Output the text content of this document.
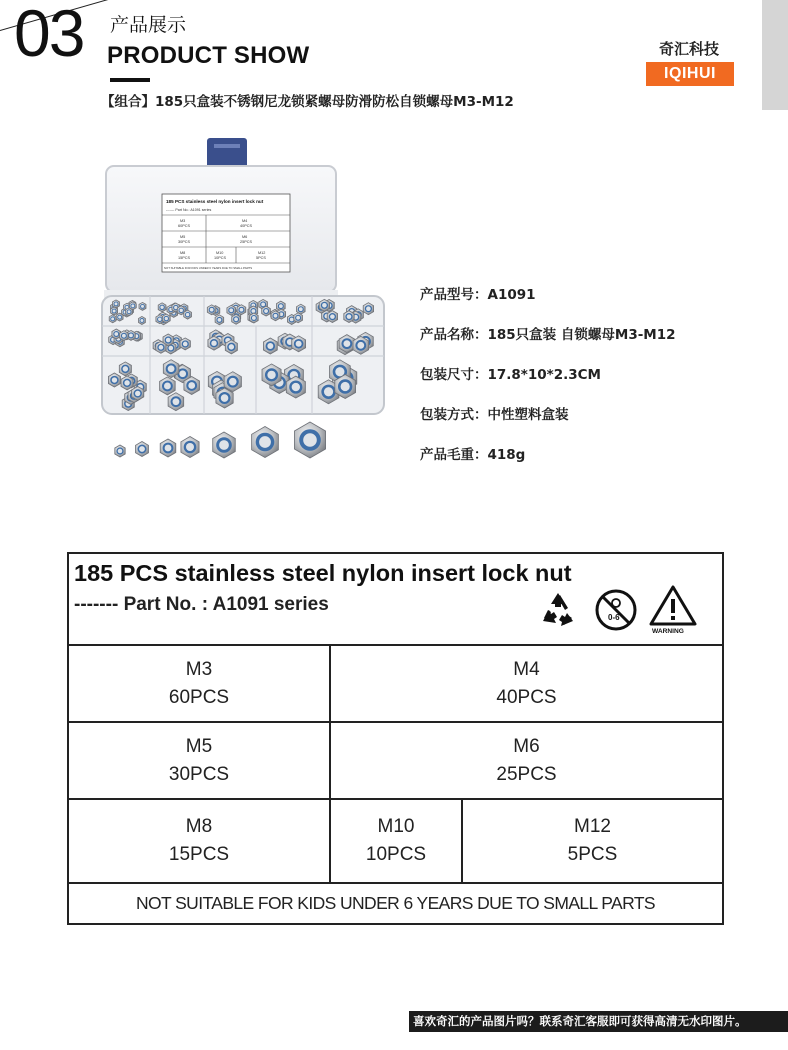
03 产品展示
PRODUCT SHOW	奇汇科技
IQIHUI
【组合】185只盒装不锈钢尼龙锁紧螺母防滑防松自锁螺母M3-M12
185 PCS stainless steel nylon insert lock nut
------- Part No.: A1091 series
M3
60PCS
M4
40PCS
M5
30PCS
M6
25PCS
M8
15PCS
M10
10PCS
M12
5PCS
NOT SUITABLE FOR KIDS UNDER 6 YEARS DUE TO SMALL PARTS
产品型号：A1091
产品名称：185只盒装 自锁螺母M3-M12
包装尺寸：17.8*10*2.3CM
包装方式：中性塑料盒装
产品毛重：418g
185 PCS stainless steel nylon insert lock nut
------- Part No. : A1091 series
0-6
WARNING
M3
60PCS
M4
40PCS
M5
30PCS
M6
25PCS
M8
15PCS
M10
10PCS
M12
5PCS
NOT SUITABLE FOR KIDS UNDER 6 YEARS DUE TO SMALL PARTS
喜欢奇汇的产品图片吗？联系奇汇客服即可获得高清无水印图片。
